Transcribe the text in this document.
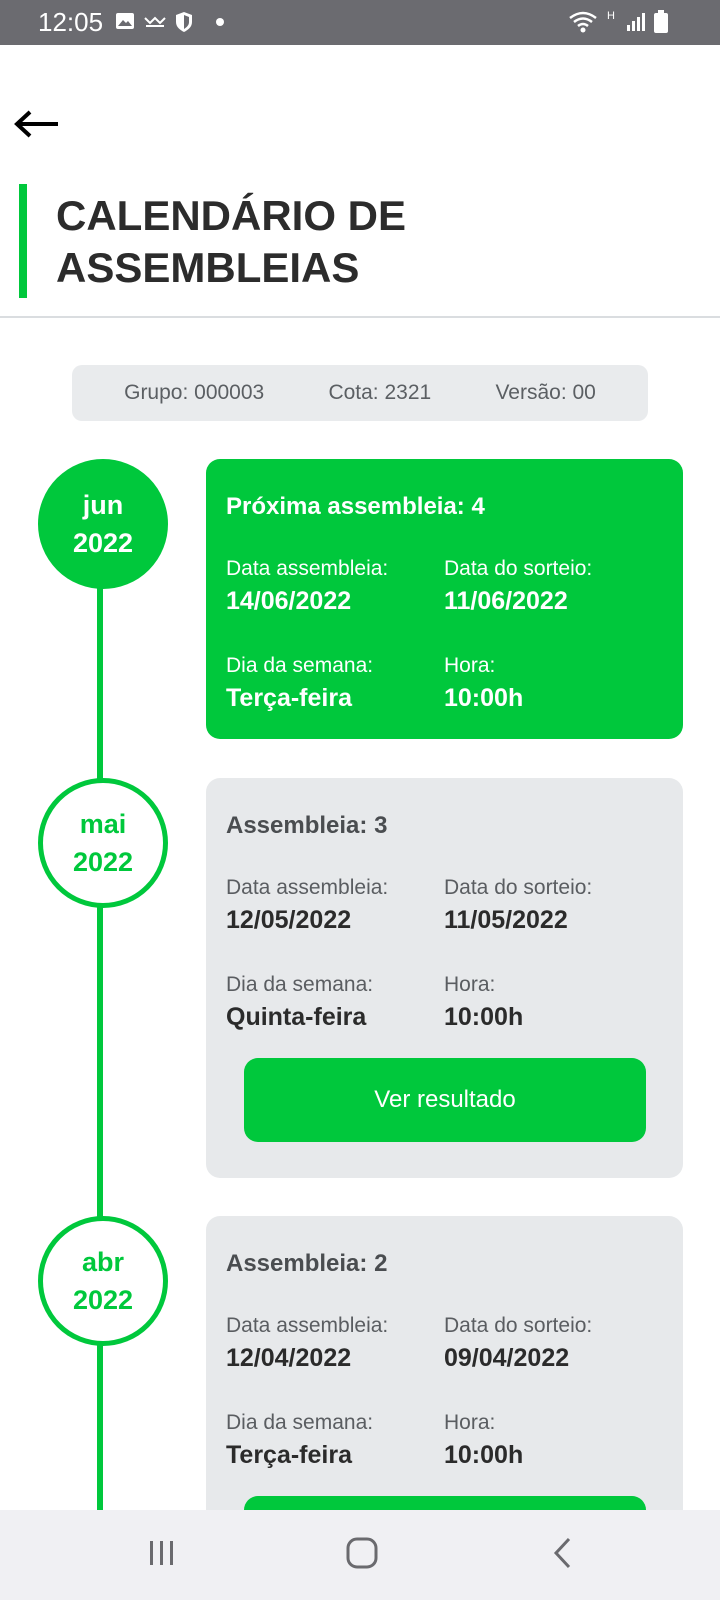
12:05	H
CALENDÁRIO DE ASSEMBLEIAS
Grupo: 000003	Cota: 2321	Versão: 00
jun
2022
Próxima assembleia: 4
Data assembleia:
14/06/2022
Data do sorteio:
11/06/2022
Dia da semana:
Terça-feira
Hora:
10:00h
mai
2022
Assembleia: 3
Data assembleia:
12/05/2022
Data do sorteio:
11/05/2022
Dia da semana:
Quinta-feira
Hora:
10:00h
Ver resultado
abr
2022
Assembleia: 2
Data assembleia:
12/04/2022
Data do sorteio:
09/04/2022
Dia da semana:
Terça-feira
Hora:
10:00h
